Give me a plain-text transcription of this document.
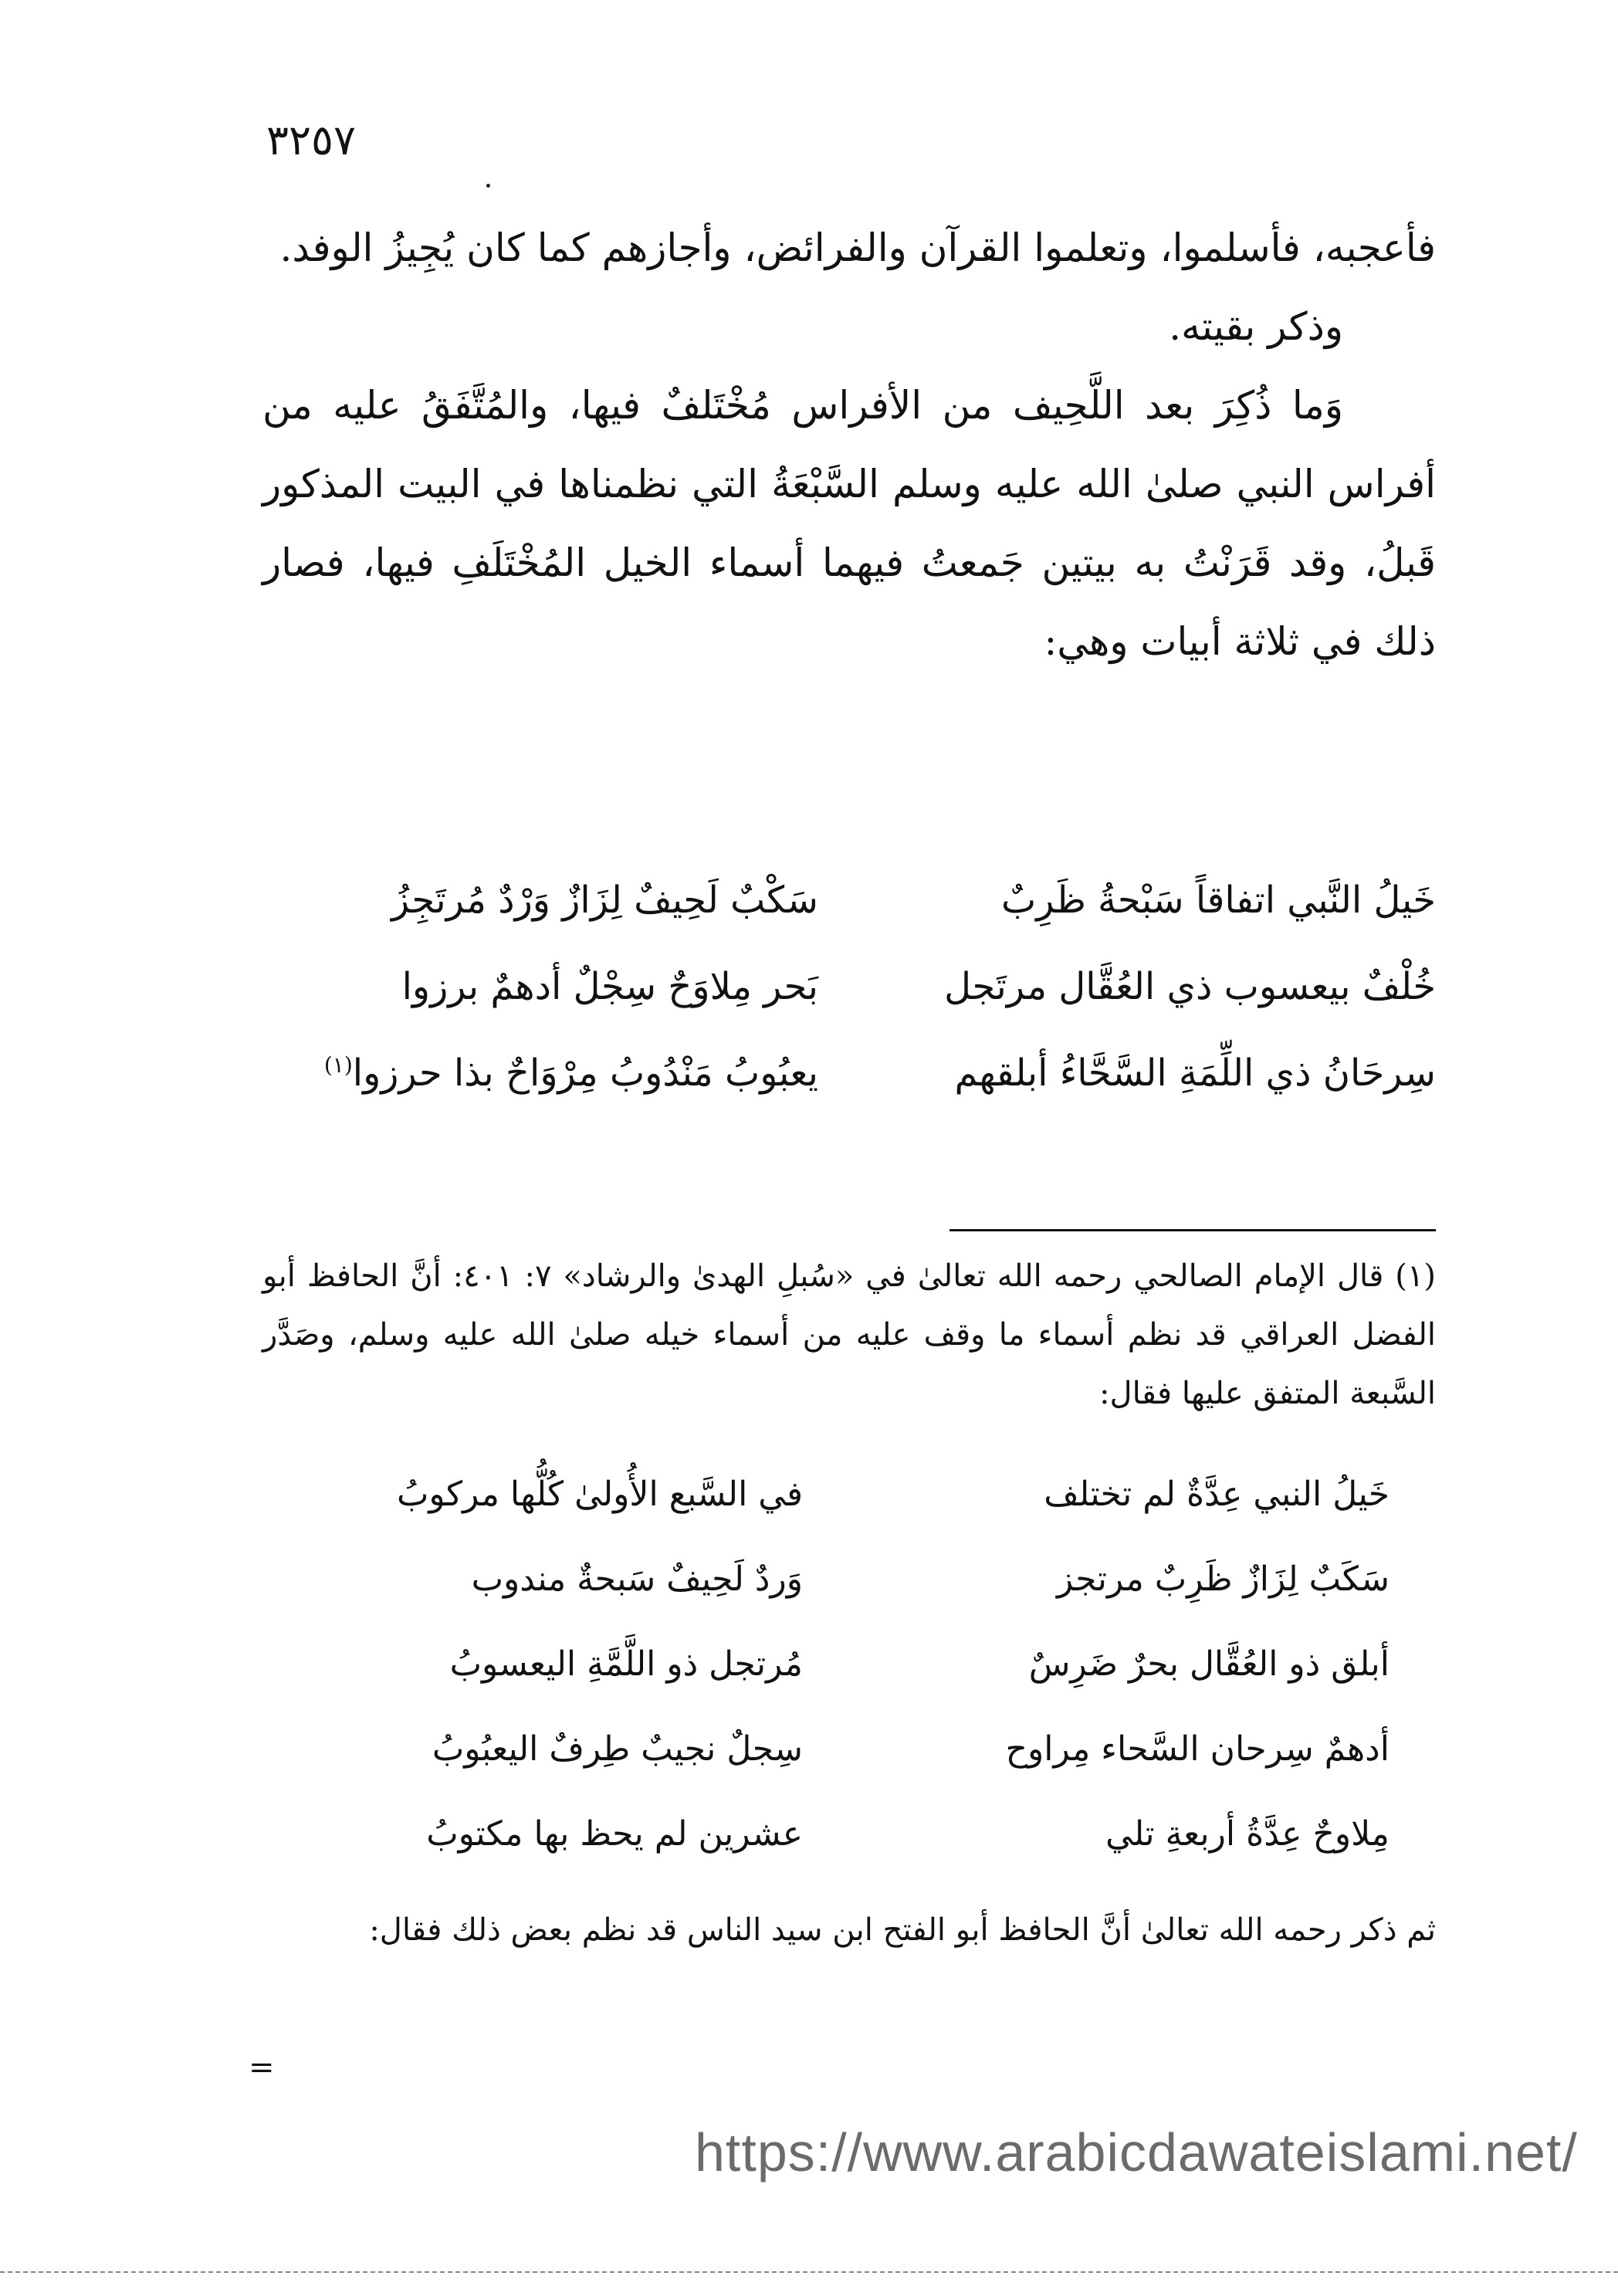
٣٢٥٧

فأعجبه، فأسلموا، وتعلموا القرآن والفرائض، وأجازهم كما كان يُجِيزُ الوفد.

وذكر بقيته.

وَما ذُكِرَ بعد اللَّحِيف من الأفراس مُخْتَلفٌ فيها، والمُتَّفَقُ عليه من أفراس النبي صلىٰ الله عليه وسلم السَّبْعَةُ التي نظمناها في البيت المذكور قَبلُ، وقد قَرَنْتُ به بيتين جَمعتُ فيهما أسماء الخيل المُخْتَلَفِ فيها، فصار ذلك في ثلاثة أبيات وهي:

خَيلُ النَّبي اتفاقاً سَبْحةُ ظَرِبٌ
سَكْبٌ لَحِيفٌ لِزَازٌ وَرْدٌ مُرتَجِزُ
خُلْفٌ بيعسوب ذي العُقَّال مرتَجل
بَحر مِلاوَحٌ سِجْلٌ أدهمٌ برزوا
سِرحَانُ ذي اللِّمَةِ السَّحَّاءُ أبلقهم
يعبُوبُ مَنْدُوبُ مِرْوَاحٌ بذا حرزوا$^{(١)}$
(١) قال الإمام الصالحي رحمه الله تعالىٰ في «سُبلِ الهدىٰ والرشاد» ٧: ٤٠١: أنَّ الحافظ أبو الفضل العراقي قد نظم أسماء ما وقف عليه من أسماء خيله صلىٰ الله عليه وسلم، وصَدَّر السَّبعة المتفق عليها فقال:
خَيلُ النبي عِدَّةٌ لم تختلف
في السَّبع الأُولىٰ كُلُّها مركوبُ
سَكَبٌ لِزَازٌ ظَرِبٌ مرتجز
وَردٌ لَحِيفٌ سَبحةٌ مندوب
أبلق ذو العُقَّال بحرٌ ضَرِسٌ
مُرتجل ذو اللَّمَّةِ اليعسوبُ
أدهمٌ سِرحان السَّحاء مِراوح
سِجلٌ نجيبٌ طِرفٌ اليعبُوبُ
مِلاوحٌ عِدَّةُ أربعةِ تلي
عشرين لم يحظ بها مكتوبُ
ثم ذكر رحمه الله تعالىٰ أنَّ الحافظ أبو الفتح ابن سيد الناس قد نظم بعض ذلك فقال:
=
https://www.arabicdawateislami.net/
